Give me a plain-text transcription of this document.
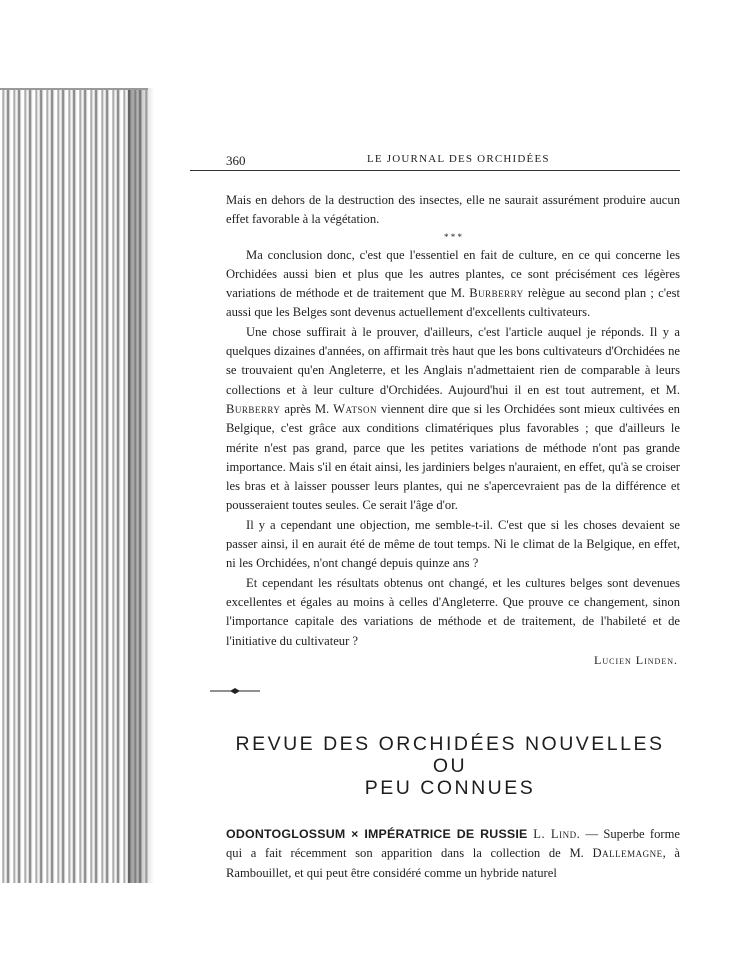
360	LE JOURNAL DES ORCHIDÉES

Mais en dehors de la destruction des insectes, elle ne saurait assurément produire aucun effet favorable à la végétation.

* * *

Ma conclusion donc, c'est que l'essentiel en fait de culture, en ce qui concerne les Orchidées aussi bien et plus que les autres plantes, ce sont précisément ces légères variations de méthode et de traitement que M. Burberry relègue au second plan ; c'est aussi que les Belges sont devenus actuellement d'excellents cultivateurs.

Une chose suffirait à le prouver, d'ailleurs, c'est l'article auquel je réponds. Il y a quelques dizaines d'années, on affirmait très haut que les bons cultivateurs d'Orchidées ne se trouvaient qu'en Angleterre, et les Anglais n'admettaient rien de comparable à leurs collections et à leur culture d'Orchidées. Aujourd'hui il en est tout autrement, et M. Burberry après M. Watson viennent dire que si les Orchidées sont mieux cultivées en Belgique, c'est grâce aux conditions climatériques plus favorables ; que d'ailleurs le mérite n'est pas grand, parce que les petites variations de méthode n'ont pas grande importance. Mais s'il en était ainsi, les jardiniers belges n'auraient, en effet, qu'à se croiser les bras et à laisser pousser leurs plantes, qui ne s'apercevraient pas de la différence et pousseraient toutes seules. Ce serait l'âge d'or.

Il y a cependant une objection, me semble-t-il. C'est que si les choses devaient se passer ainsi, il en aurait été de même de tout temps. Ni le climat de la Belgique, en effet, ni les Orchidées, n'ont changé depuis quinze ans ?

Et cependant les résultats obtenus ont changé, et les cultures belges sont devenues excellentes et égales au moins à celles d'Angleterre. Que prouve ce changement, sinon l'importance capitale des variations de méthode et de traitement, de l'habileté et de l'initiative du cultivateur ?

Lucien Linden.
REVUE DES ORCHIDÉES NOUVELLES OU
PEU CONNUES
ODONTOGLOSSUM × IMPÉRATRICE DE RUSSIE L. Lind. — Superbe forme qui a fait récemment son apparition dans la collection de M. Dallemagne, à Rambouillet, et qui peut être considéré comme un hybride naturel
